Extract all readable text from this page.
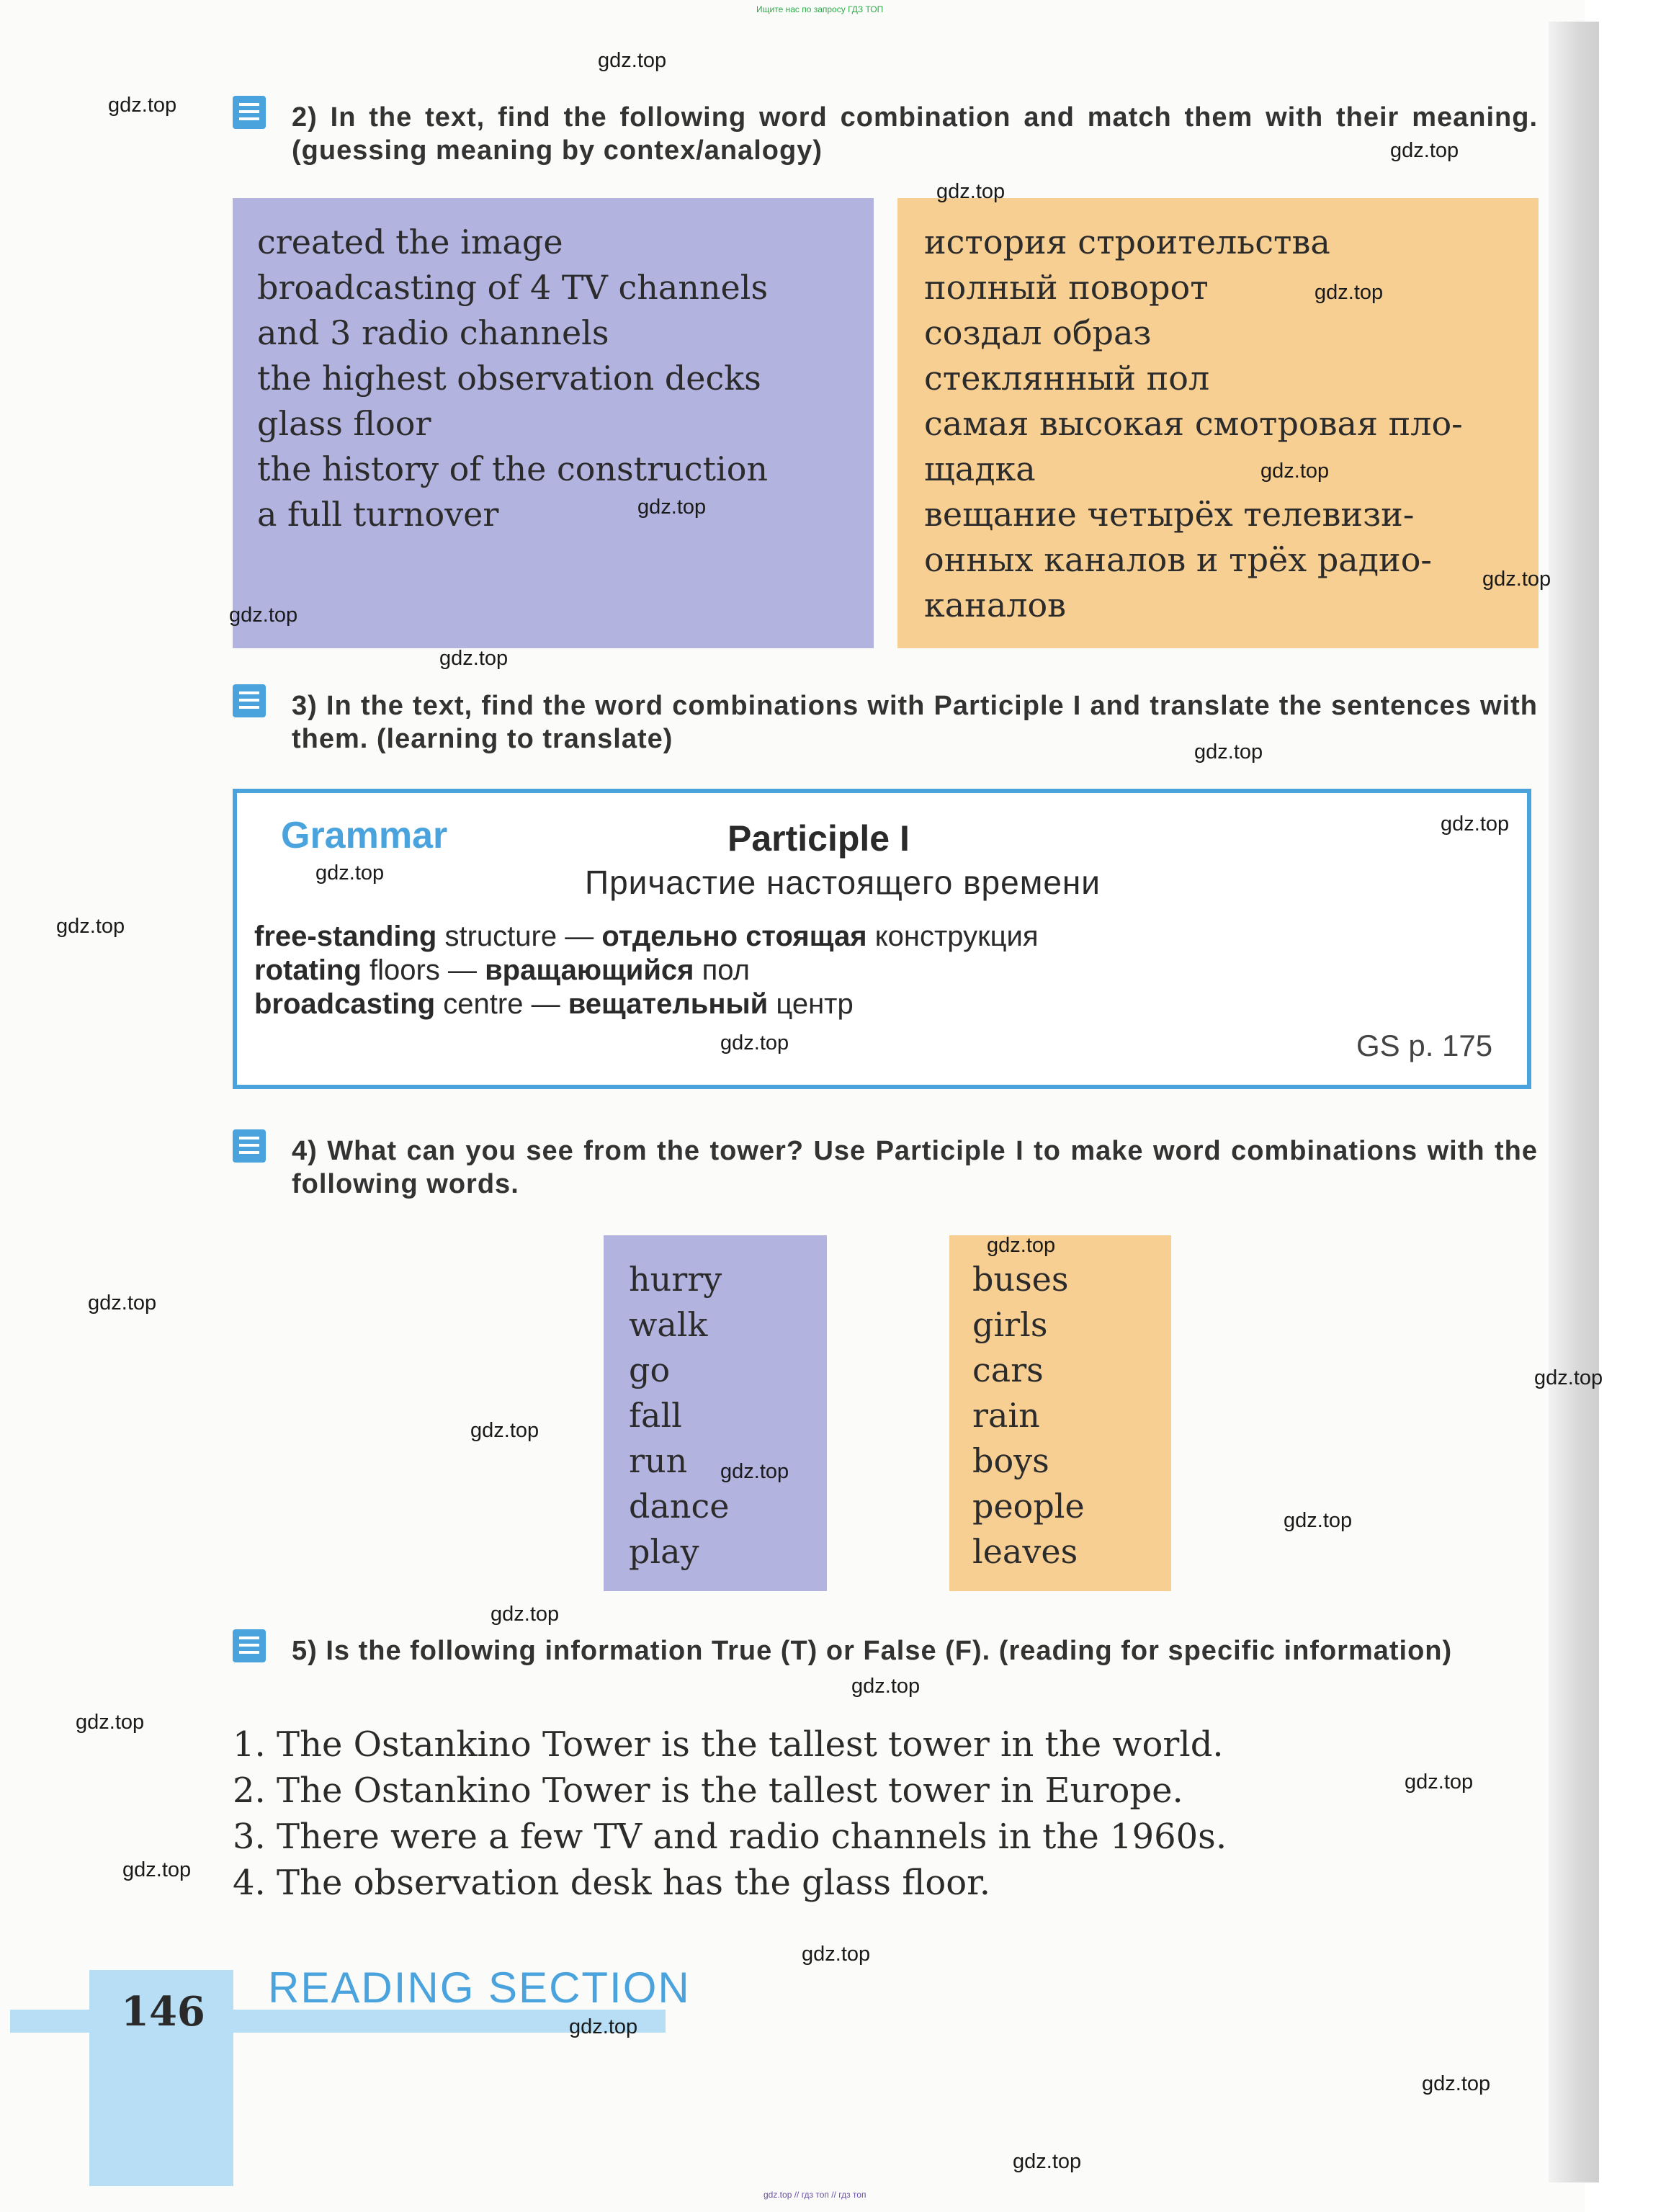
Ищите нас по запросу ГДЗ ТОП
2) In the text, find the following word combination and match them with their meaning. (guessing meaning by contex/analogy)
created the image
broadcasting of 4 TV channels
and 3 radio channels
the highest observation decks
glass floor
the history of the construction
a full turnover
история строительства
полный поворот
создал образ
стеклянный пол
самая высокая смотровая пло-
щадка
вещание четырёх телевизи-
онных каналов и трёх радио-
каналов
3) In the text, find the word combinations with Participle I and translate the sentences with them. (learning to translate)
Grammar	Participle I
Причастие настоящего времени
free-standing structure — отдельно стоящая конструкция
rotating floors — вращающийся пол
broadcasting centre — вещательный центр
GS p. 175
4) What can you see from the tower? Use Participle I to make word combinations with the following words.
hurry
walk
go
fall
run
dance
play
buses
girls
cars
rain
boys
people
leaves
5) Is the following information True (T) or False (F). (reading for specific information)
1. The Ostankino Tower is the tallest tower in the world.
2. The Ostankino Tower is the tallest tower in Europe.
3. There were a few TV and radio channels in the 1960s.
4. The observation desk has the glass floor.
146 READING SECTION
gdz.top // гдз топ // гдз топ
gdz.top
gdz.top
gdz.top
gdz.top
gdz.top
gdz.top
gdz.top
gdz.top
gdz.top
gdz.top
gdz.top
gdz.top
gdz.top
gdz.top
gdz.top
gdz.top
gdz.top
gdz.top
gdz.top
gdz.top
gdz.top
gdz.top
gdz.top
gdz.top
gdz.top
gdz.top
gdz.top
gdz.top
gdz.top
gdz.top
